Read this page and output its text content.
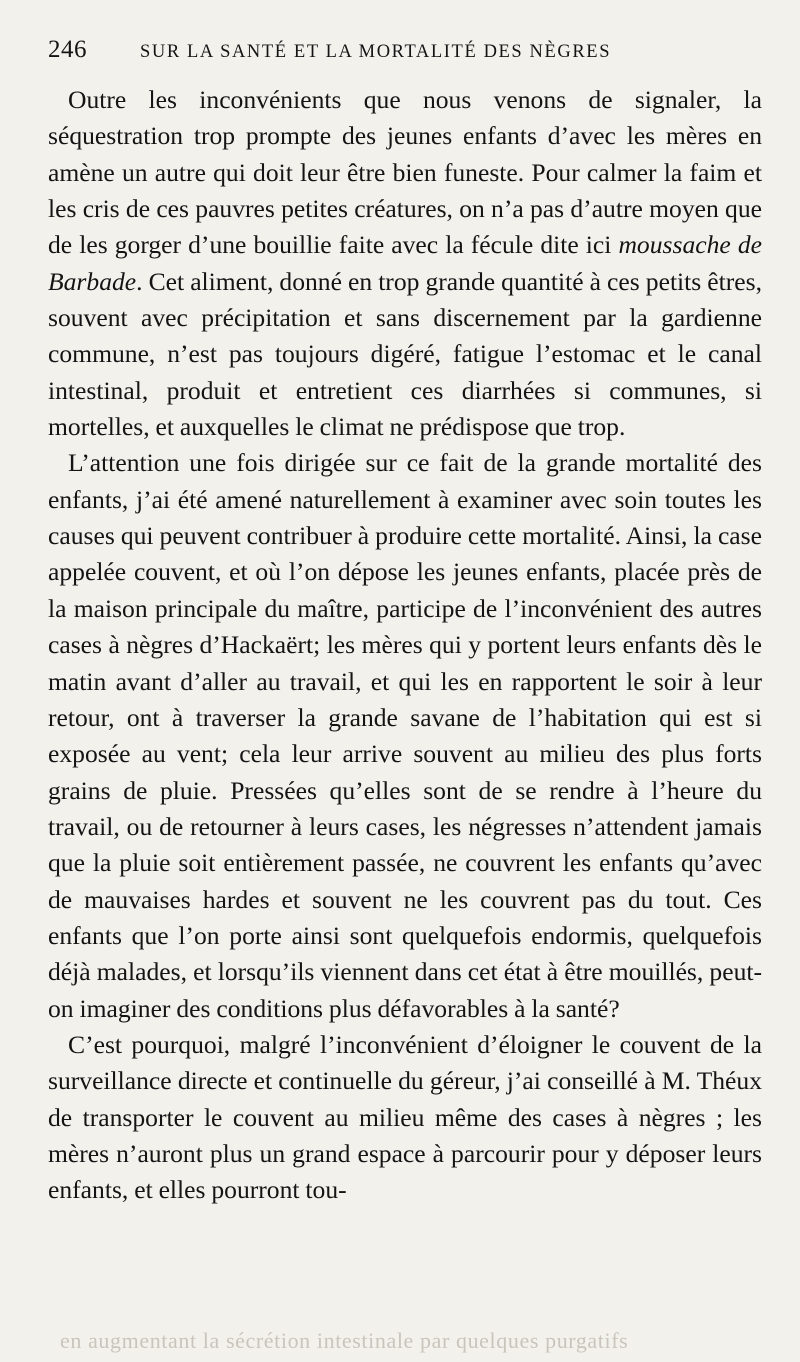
246	SUR LA SANTÉ ET LA MORTALITÉ DES NÈGRES

Outre les inconvénients que nous venons de signaler, la séquestration trop prompte des jeunes enfants d’avec les mères en amène un autre qui doit leur être bien funeste. Pour calmer la faim et les cris de ces pauvres petites créatures, on n’a pas d’autre moyen que de les gorger d’une bouillie faite avec la fécule dite ici moussache de Barbade. Cet aliment, donné en trop grande quantité à ces petits êtres, souvent avec précipitation et sans discernement par la gardienne commune, n’est pas toujours digéré, fatigue l’estomac et le canal intestinal, produit et entretient ces diarrhées si communes, si mortelles, et auxquelles le climat ne prédispose que trop.

L’attention une fois dirigée sur ce fait de la grande mortalité des enfants, j’ai été amené naturellement à examiner avec soin toutes les causes qui peuvent contribuer à produire cette mortalité. Ainsi, la case appelée couvent, et où l’on dépose les jeunes enfants, placée près de la maison principale du maître, participe de l’inconvénient des autres cases à nègres d’Hackaërt; les mères qui y portent leurs enfants dès le matin avant d’aller au travail, et qui les en rapportent le soir à leur retour, ont à traverser la grande savane de l’habitation qui est si exposée au vent; cela leur arrive souvent au milieu des plus forts grains de pluie. Pressées qu’elles sont de se rendre à l’heure du travail, ou de retourner à leurs cases, les négresses n’attendent jamais que la pluie soit entièrement passée, ne couvrent les enfants qu’avec de mauvaises hardes et souvent ne les couvrent pas du tout. Ces enfants que l’on porte ainsi sont quelquefois endormis, quelquefois déjà malades, et lorsqu’ils viennent dans cet état à être mouillés, peut-on imaginer des conditions plus défavorables à la santé?

C’est pourquoi, malgré l’inconvénient d’éloigner le couvent de la surveillance directe et continuelle du géreur, j’ai conseillé à M. Théux de transporter le couvent au milieu même des cases à nègres ; les mères n’auront plus un grand espace à parcourir pour y déposer leurs enfants, et elles pourront tou-

en augmentant la sécrétion intestinale par quelques purgatifs
